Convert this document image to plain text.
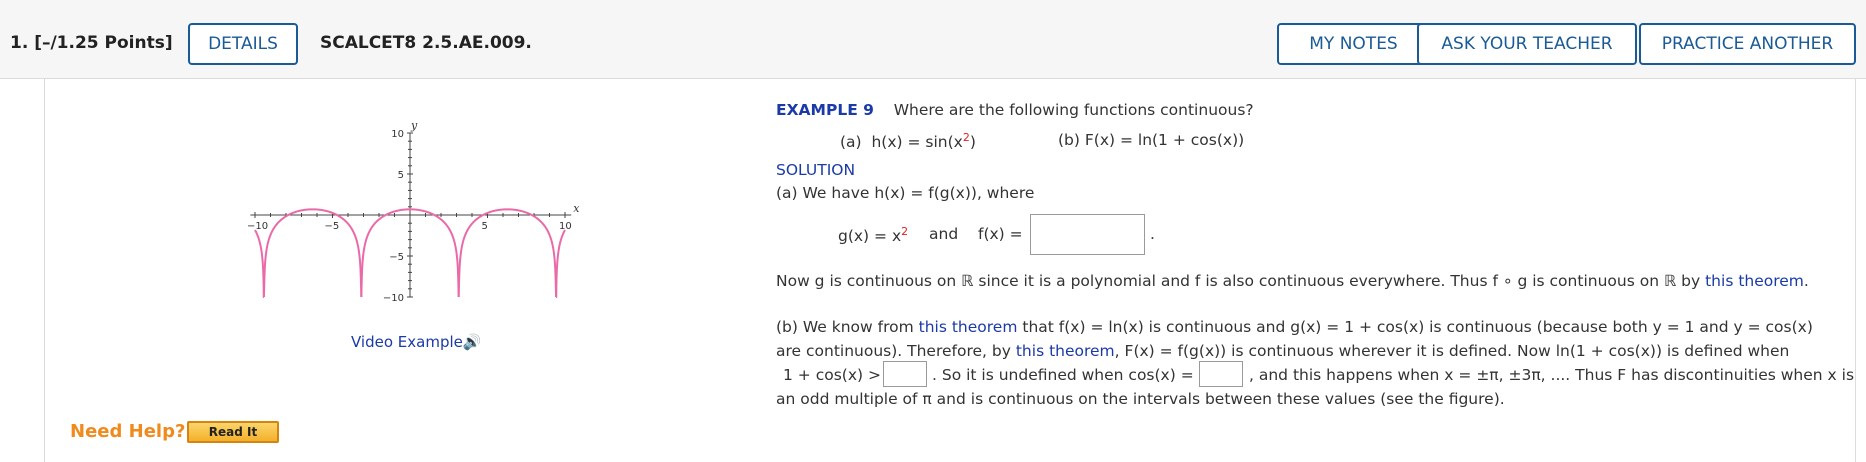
1. [–/1.25 Points]	DETAILS	SCALCET8 2.5.AE.009.	MY NOTES	ASK YOUR TEACHER	PRACTICE ANOTHER
−10	−5	5	10
10
5
−5
−10
x
y
Video Example🔊
Need Help?	Read It
EXAMPLE 9 Where are the following functions continuous?
(a) $h(x) = \sin(x^2)$	(b) F(x) = ln(1 + cos(x))
SOLUTION
(a) We have h(x) = f(g(x)), where
$g(x) = x^2$ and f(x) =	.
Now g is continuous on ℝ since it is a polynomial and f is also continuous everywhere. Thus f ∘ g is continuous on ℝ by this theorem.
(b) We know from this theorem that f(x) = ln(x) is continuous and g(x) = 1 + cos(x) is continuous (because both y = 1 and y = cos(x)
are continuous). Therefore, by this theorem, F(x) = f(g(x)) is continuous wherever it is defined. Now ln(1 + cos(x)) is defined when
1 + cos(x) >	. So it is undefined when cos(x) =	, and this happens when x = ±π, ±3π, .... Thus F has discontinuities when x is
an odd multiple of π and is continuous on the intervals between these values (see the figure).
